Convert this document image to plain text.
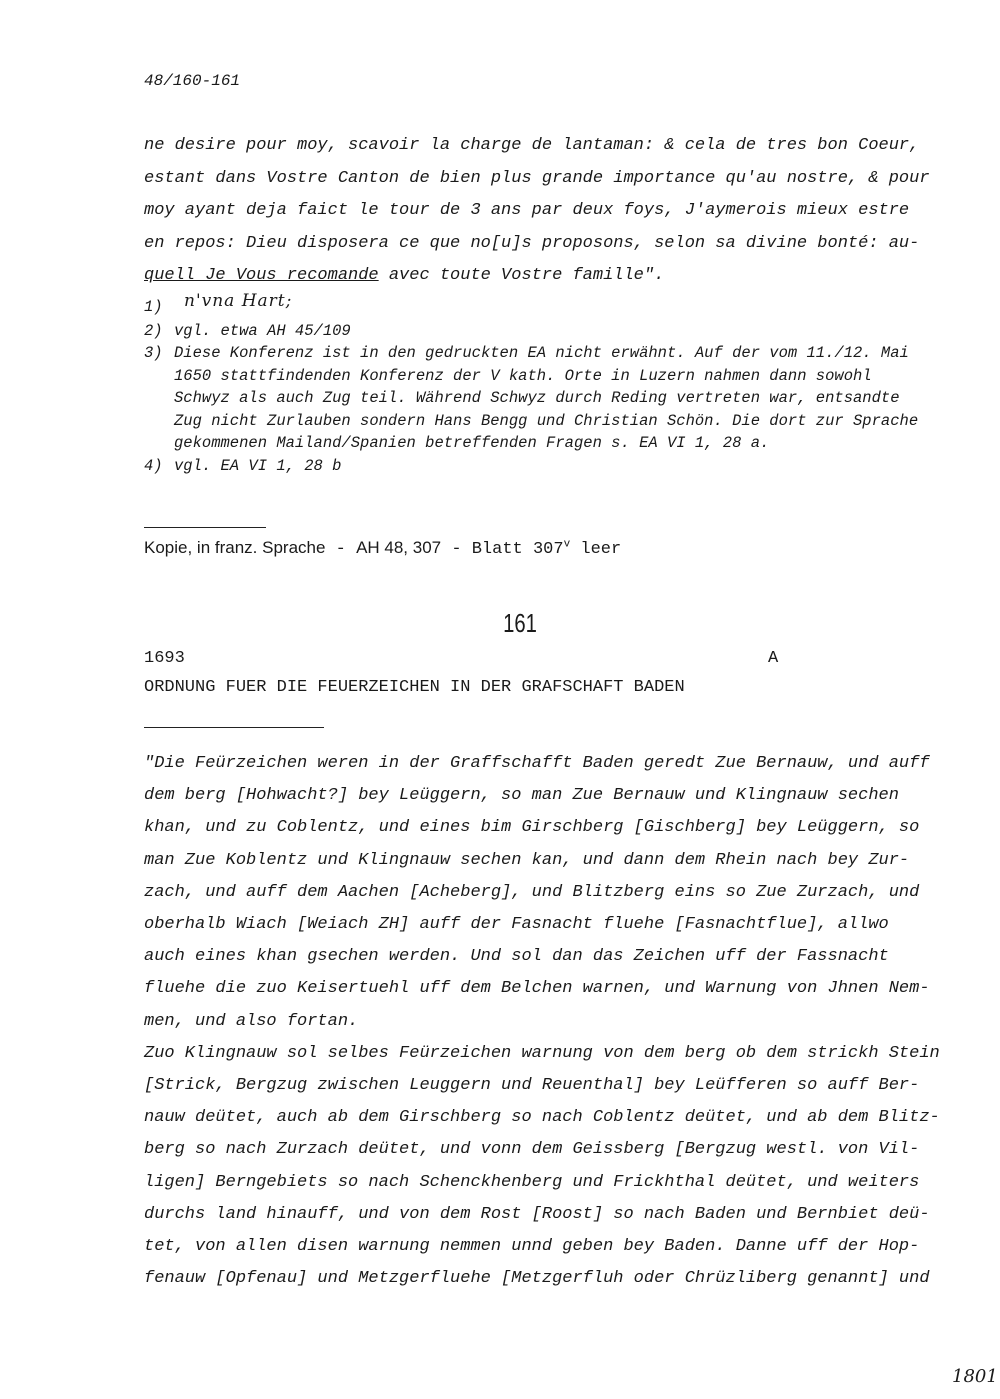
48/160-161
ne desire pour moy, scavoir la charge de lantaman: & cela de tres bon Coeur,
estant dans Vostre Canton de bien plus grande importance qu'au nostre, & pour
moy ayant deja faict le tour de 3 ans par deux foys, J'aymerois mieux estre
en repos: Dieu disposera ce que no[u]s proposons, selon sa divine bonté: au-
quell Je Vous recomande avec toute Vostre famille".
1) n'vna Hart;
2) vgl. etwa AH 45/109
3) Diese Konferenz ist in den gedruckten EA nicht erwähnt. Auf der vom 11./12. Mai 1650 stattfindenden Konferenz der V kath. Orte in Luzern nahmen dann sowohl Schwyz als auch Zug teil. Während Schwyz durch Reding vertreten war, entsandte Zug nicht Zurlauben sondern Hans Bengg und Christian Schön. Die dort zur Sprache gekommenen Mailand/Spanien betreffenden Fragen s. EA VI 1, 28 a.
4) vgl. EA VI 1, 28 b
Kopie, in franz. Sprache - AH 48, 307 - Blatt 307$^v$ leer
161
1693	A
ORDNUNG FUER DIE FEUERZEICHEN IN DER GRAFSCHAFT BADEN
"Die Feürzeichen weren in der Graffschafft Baden geredt Zue Bernauw, und auff
dem berg [Hohwacht?] bey Leüggern, so man Zue Bernauw und Klingnauw sechen
khan, und zu Coblentz, und eines bim Girschberg [Gischberg] bey Leüggern, so
man Zue Koblentz und Klingnauw sechen kan, und dann dem Rhein nach bey Zur-
zach, und auff dem Aachen [Acheberg], und Blitzberg eins so Zue Zurzach, und
oberhalb Wiach [Weiach ZH] auff der Fasnacht fluehe [Fasnachtflue], allwo
auch eines khan gsechen werden. Und sol dan das Zeichen uff der Fassnacht
fluehe die zuo Keisertuehl uff dem Belchen warnen, und Warnung von Jhnen Nem-
men, und also fortan.
Zuo Klingnauw sol selbes Feürzeichen warnung von dem berg ob dem strickh Stein
[Strick, Bergzug zwischen Leuggern und Reuenthal] bey Leüfferen so auff Ber-
nauw deütet, auch ab dem Girschberg so nach Coblentz deütet, und ab dem Blitz-
berg so nach Zurzach deütet, und vonn dem Geissberg [Bergzug westl. von Vil-
ligen] Berngebiets so nach Schenckhenberg und Frickhthal deütet, und weiters
durchs land hinauff, und von dem Rost [Roost] so nach Baden und Bernbiet deü-
tet, von allen disen warnung nemmen unnd geben bey Baden. Danne uff der Hop-
fenauw [Opfenau] und Metzgerfluehe [Metzgerfluh oder Chrüzliberg genannt] und
1801
